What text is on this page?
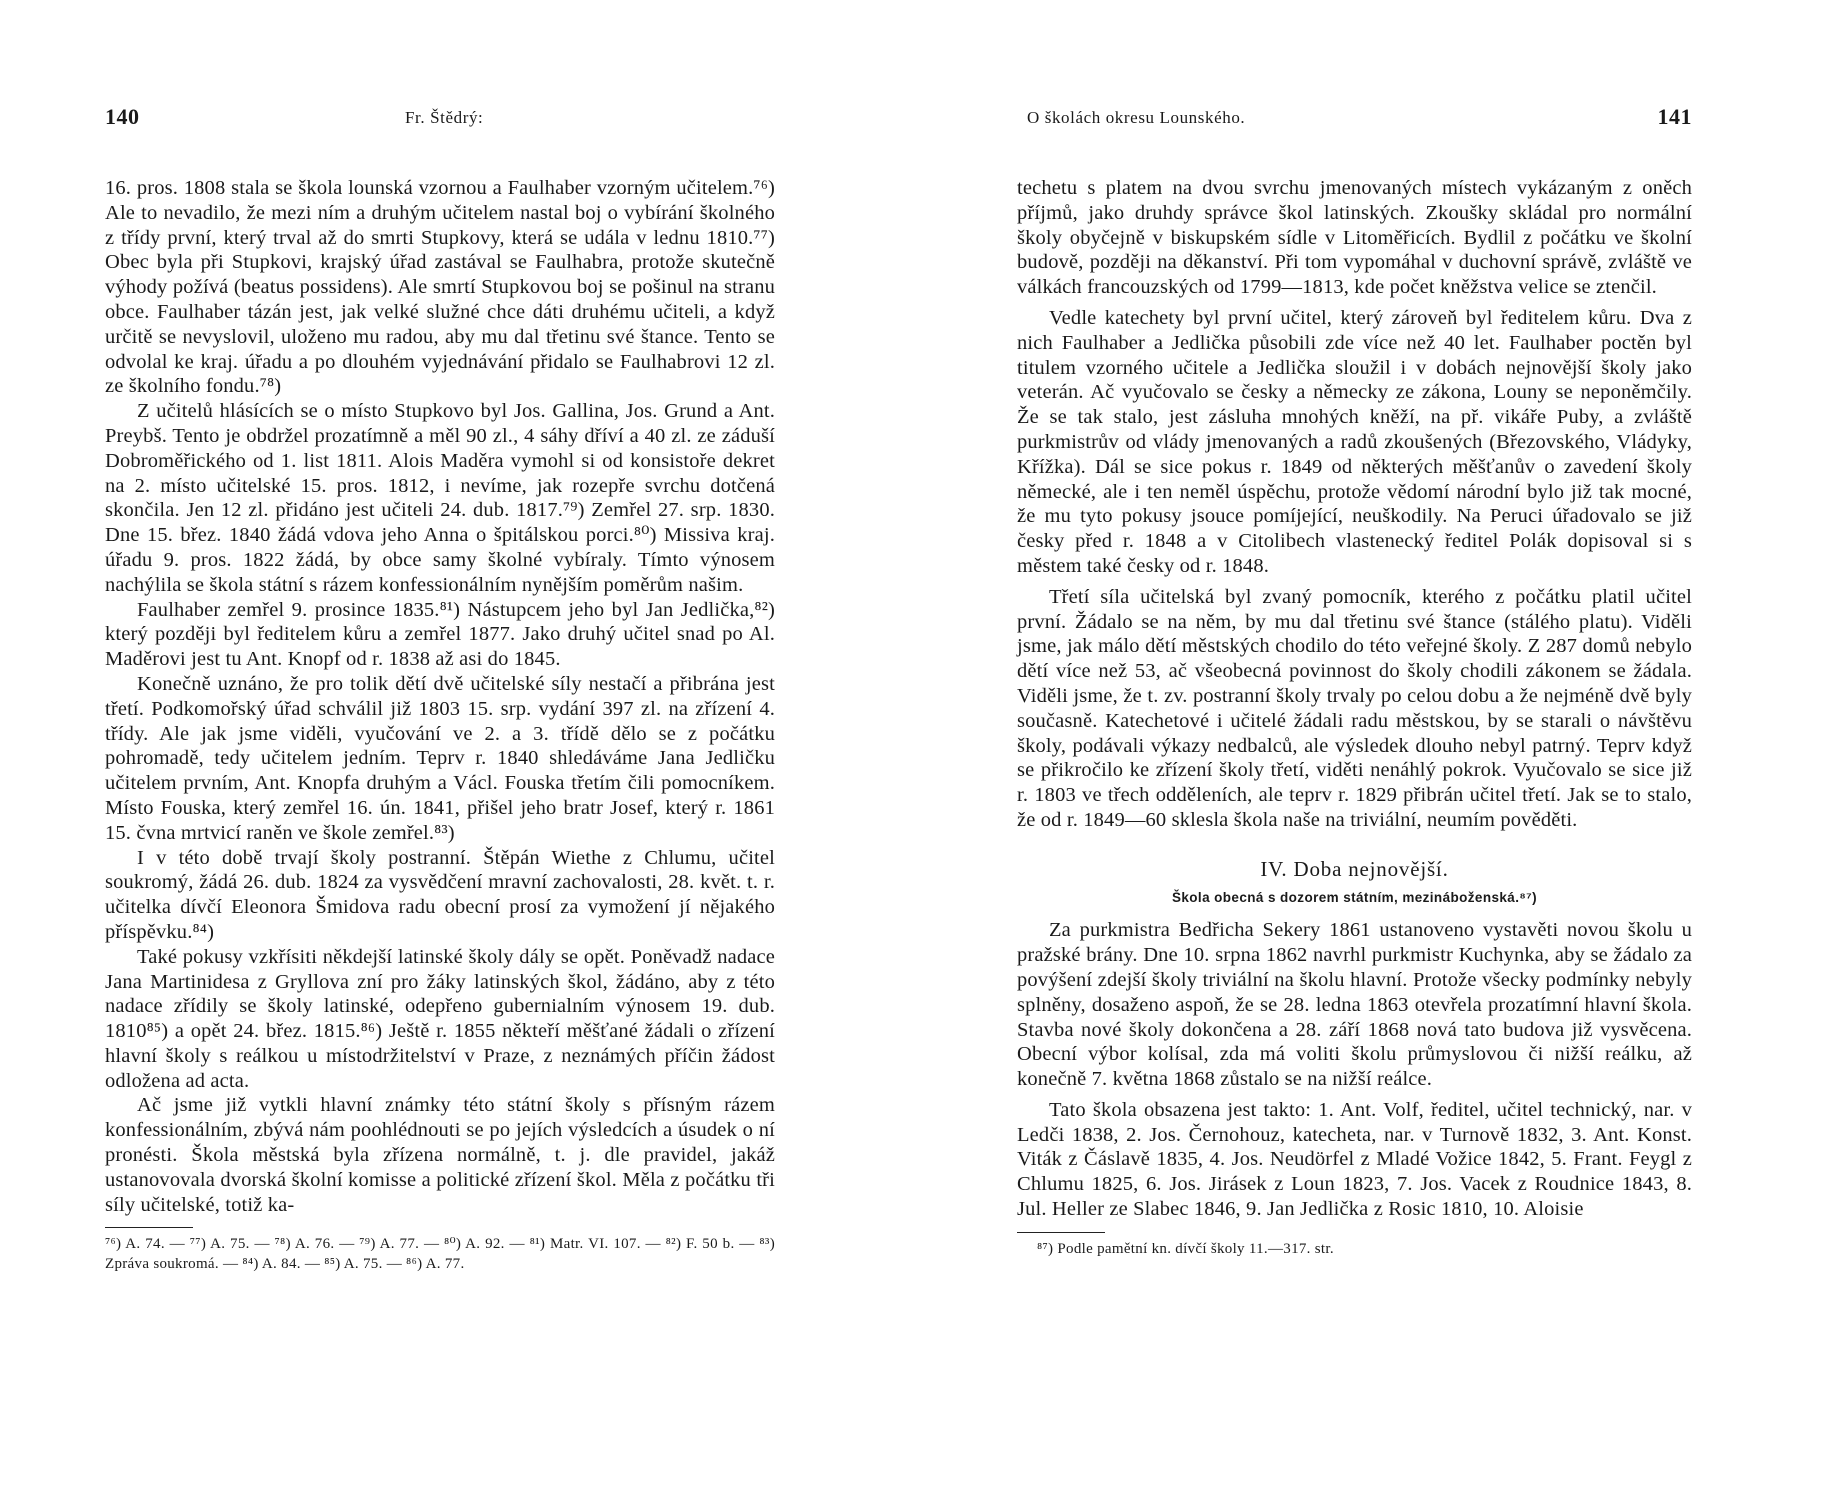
140	Fr. Štědrý:

16. pros. 1808 stala se škola lounská vzornou a Faulhaber vzorným učitelem.⁷⁶) Ale to nevadilo, že mezi ním a druhým učitelem nastal boj o vybírání školného z třídy první, který trval až do smrti Stupkovy, která se udála v lednu 1810.⁷⁷) Obec byla při Stupkovi, krajský úřad zastával se Faulhabra, protože skutečně výhody požívá (beatus possidens). Ale smrtí Stupkovou boj se pošinul na stranu obce. Faulhaber tázán jest, jak velké služné chce dáti druhému učiteli, a když určitě se nevyslovil, uloženo mu radou, aby mu dal třetinu své štance. Tento se odvolal ke kraj. úřadu a po dlouhém vyjednávání přidalo se Faulhabrovi 12 zl. ze školního fondu.⁷⁸)

Z učitelů hlásících se o místo Stupkovo byl Jos. Gallina, Jos. Grund a Ant. Preybš. Tento je obdržel prozatímně a měl 90 zl., 4 sáhy dříví a 40 zl. ze záduší Dobroměřického od 1. list 1811. Alois Maděra vymohl si od konsistoře dekret na 2. místo učitelské 15. pros. 1812, i nevíme, jak rozepře svrchu dotčená skončila. Jen 12 zl. přidáno jest učiteli 24. dub. 1817.⁷⁹) Zemřel 27. srp. 1830. Dne 15. břez. 1840 žádá vdova jeho Anna o špitálskou porci.⁸⁰) Missiva kraj. úřadu 9. pros. 1822 žádá, by obce samy školné vybíraly. Tímto výnosem nachýlila se škola státní s rázem konfessionálním nynějším poměrům našim.

Faulhaber zemřel 9. prosince 1835.⁸¹) Nástupcem jeho byl Jan Jedlička,⁸²) který později byl ředitelem kůru a zemřel 1877. Jako druhý učitel snad po Al. Maděrovi jest tu Ant. Knopf od r. 1838 až asi do 1845.

Konečně uznáno, že pro tolik dětí dvě učitelské síly nestačí a přibrána jest třetí. Podkomořský úřad schválil již 1803 15. srp. vydání 397 zl. na zřízení 4. třídy. Ale jak jsme viděli, vyučování ve 2. a 3. třídě dělo se z počátku pohromadě, tedy učitelem jedním. Teprv r. 1840 shledáváme Jana Jedličku učitelem prvním, Ant. Knopfa druhým a Václ. Fouska třetím čili pomocníkem. Místo Fouska, který zemřel 16. ún. 1841, přišel jeho bratr Josef, který r. 1861 15. čvna mrtvicí raněn ve škole zemřel.⁸³)

I v této době trvají školy postranní. Štěpán Wiethe z Chlumu, učitel soukromý, žádá 26. dub. 1824 za vysvědčení mravní zachovalosti, 28. květ. t. r. učitelka dívčí Eleonora Šmidova radu obecní prosí za vymožení jí nějakého příspěvku.⁸⁴)

Také pokusy vzkřísiti někdejší latinské školy dály se opět. Poněvadž nadace Jana Martinidesa z Gryllova zní pro žáky latinských škol, žádáno, aby z této nadace zřídily se školy latinské, odepřeno gubernialním výnosem 19. dub. 1810⁸⁵) a opět 24. břez. 1815.⁸⁶) Ještě r. 1855 někteří měšťané žádali o zřízení hlavní školy s reálkou u místodržitelství v Praze, z neznámých příčin žádost odložena ad acta.

Ač jsme již vytkli hlavní známky této státní školy s přísným rázem konfessionálním, zbývá nám poohlédnouti se po jejích výsledcích a úsudek o ní pronésti. Škola městská byla zřízena normálně, t. j. dle pravidel, jakáž ustanovovala dvorská školní komisse a politické zřízení škol. Měla z počátku tři síly učitelské, totiž ka-

⁷⁶) A. 74. — ⁷⁷) A. 75. — ⁷⁸) A. 76. — ⁷⁹) A. 77. — ⁸⁰) A. 92. — ⁸¹) Matr. VI. 107. — ⁸²) F. 50 b. — ⁸³) Zpráva soukromá. — ⁸⁴) A. 84. — ⁸⁵) A. 75. — ⁸⁶) A. 77.
O školách okresu Lounského.	141

techetu s platem na dvou svrchu jmenovaných místech vykázaným z oněch příjmů, jako druhdy správce škol latinských. Zkoušky skládal pro normální školy obyčejně v biskupském sídle v Litoměřicích. Bydlil z počátku ve školní budově, později na děkanství. Při tom vypomáhal v duchovní správě, zvláště ve válkách francouzských od 1799—1813, kde počet kněžstva velice se ztenčil.

Vedle katechety byl první učitel, který zároveň byl ředitelem kůru. Dva z nich Faulhaber a Jedlička působili zde více než 40 let. Faulhaber poctěn byl titulem vzorného učitele a Jedlička sloužil i v dobách nejnovější školy jako veterán. Ač vyučovalo se česky a německy ze zákona, Louny se neponěmčily. Že se tak stalo, jest zásluha mnohých kněží, na př. vikáře Puby, a zvláště purkmistrův od vlády jmenovaných a radů zkoušených (Březovského, Vládyky, Křížka). Dál se sice pokus r. 1849 od některých měšťanův o zavedení školy německé, ale i ten neměl úspěchu, protože vědomí národní bylo již tak mocné, že mu tyto pokusy jsouce pomíjející, neuškodily. Na Peruci úřadovalo se již česky před r. 1848 a v Citolibech vlastenecký ředitel Polák dopisoval si s městem také česky od r. 1848.

Třetí síla učitelská byl zvaný pomocník, kterého z počátku platil učitel první. Žádalo se na něm, by mu dal třetinu své štance (stálého platu). Viděli jsme, jak málo dětí městských chodilo do této veřejné školy. Z 287 domů nebylo dětí více než 53, ač všeobecná povinnost do školy chodili zákonem se žádala. Viděli jsme, že t. zv. postranní školy trvaly po celou dobu a že nejméně dvě byly současně. Katechetové i učitelé žádali radu městskou, by se starali o návštěvu školy, podávali výkazy nedbalců, ale výsledek dlouho nebyl patrný. Teprv když se přikročilo ke zřízení školy třetí, viděti nenáhlý pokrok. Vyučovalo se sice již r. 1803 ve třech odděleních, ale teprv r. 1829 přibrán učitel třetí. Jak se to stalo, že od r. 1849—60 sklesla škola naše na triviální, neumím pověděti.

IV. Doba nejnovější.
Škola obecná s dozorem státním, mezináboženská.⁸⁷)

Za purkmistra Bedřicha Sekery 1861 ustanoveno vystavěti novou školu u pražské brány. Dne 10. srpna 1862 navrhl purkmistr Kuchynka, aby se žádalo za povýšení zdejší školy triviální na školu hlavní. Protože všecky podmínky nebyly splněny, dosaženo aspoň, že se 28. ledna 1863 otevřela prozatímní hlavní škola. Stavba nové školy dokončena a 28. září 1868 nová tato budova již vysvěcena. Obecní výbor kolísal, zda má voliti školu průmyslovou či nižší reálku, až konečně 7. května 1868 zůstalo se na nižší reálce.

Tato škola obsazena jest takto: 1. Ant. Volf, ředitel, učitel technický, nar. v Ledči 1838, 2. Jos. Černohouz, katecheta, nar. v Turnově 1832, 3. Ant. Konst. Viták z Čáslavě 1835, 4. Jos. Neudörfel z Mladé Vožice 1842, 5. Frant. Feygl z Chlumu 1825, 6. Jos. Jirásek z Loun 1823, 7. Jos. Vacek z Roudnice 1843, 8. Jul. Heller ze Slabec 1846, 9. Jan Jedlička z Rosic 1810, 10. Aloisie

⁸⁷) Podle pamětní kn. dívčí školy 11.—317. str.
